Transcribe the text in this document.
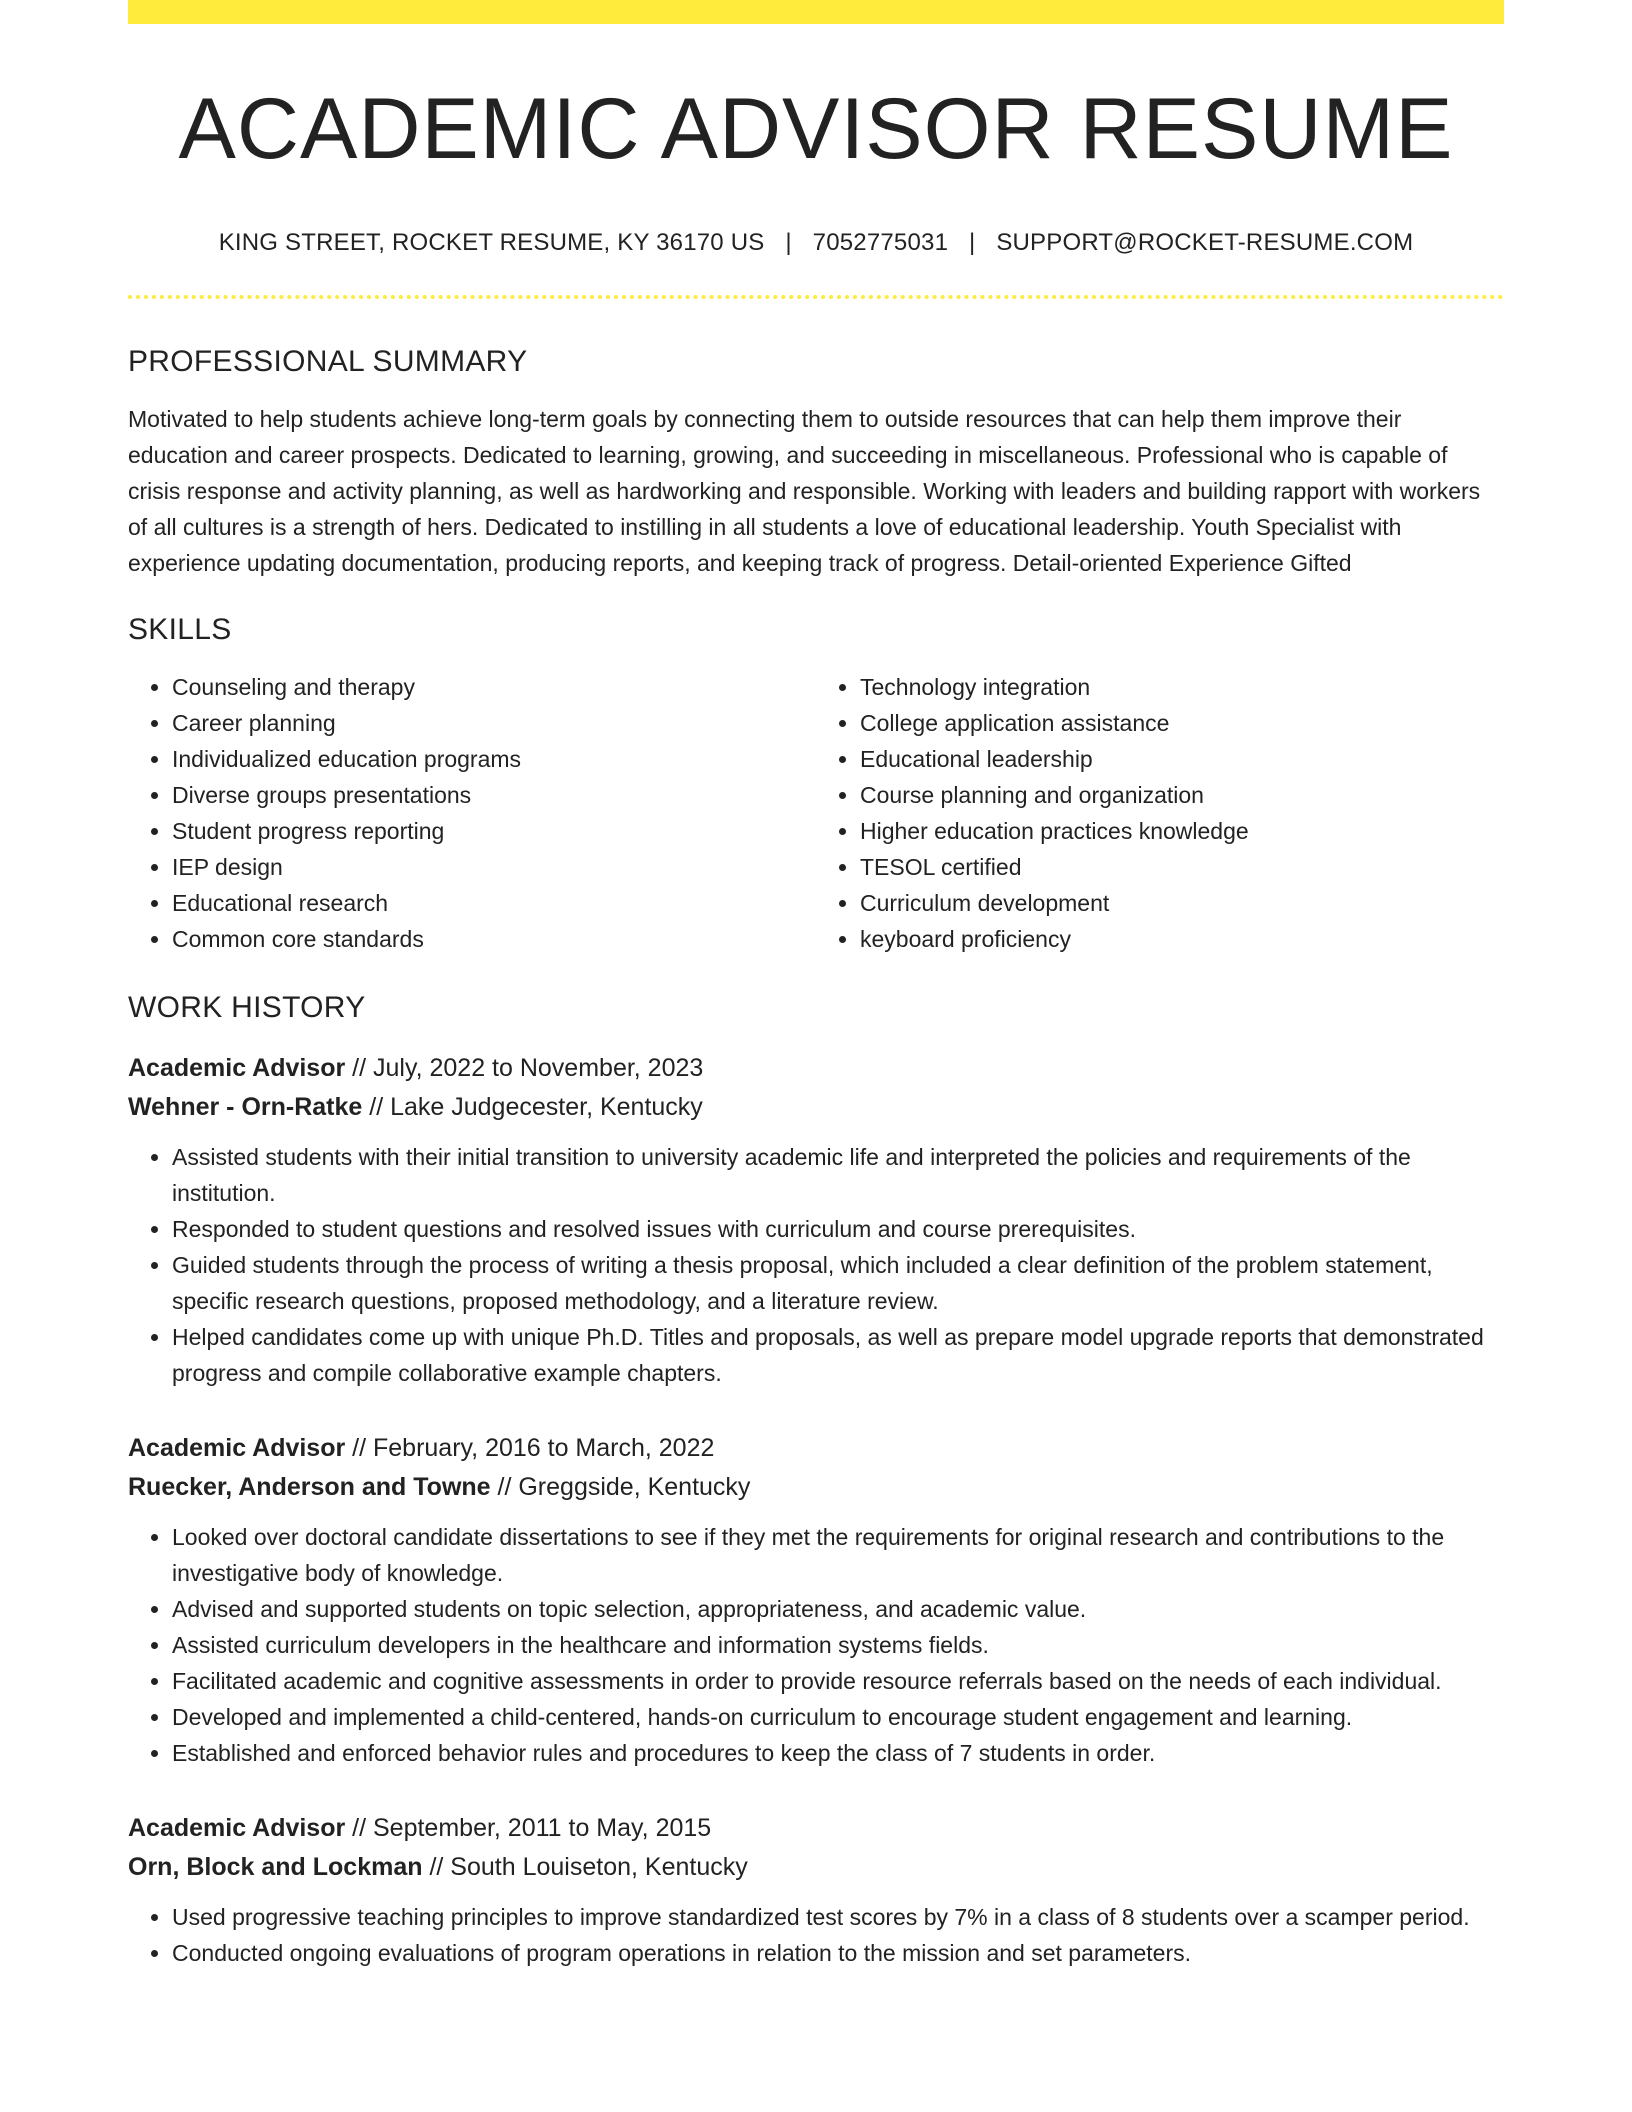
ACADEMIC ADVISOR RESUME
KING STREET, ROCKET RESUME, KY 36170 US | 7052775031 | SUPPORT@ROCKET-RESUME.COM
PROFESSIONAL SUMMARY

Motivated to help students achieve long-term goals by connecting them to outside resources that can help them improve their education and career prospects. Dedicated to learning, growing, and succeeding in miscellaneous. Professional who is capable of crisis response and activity planning, as well as hardworking and responsible. Working with leaders and building rapport with workers of all cultures is a strength of hers. Dedicated to instilling in all students a love of educational leadership. Youth Specialist with experience updating documentation, producing reports, and keeping track of progress. Detail-oriented Experience Gifted

SKILLS
• Counseling and therapy
• Career planning
• Individualized education programs
• Diverse groups presentations
• Student progress reporting
• IEP design
• Educational research
• Common core standards
• Technology integration
• College application assistance
• Educational leadership
• Course planning and organization
• Higher education practices knowledge
• TESOL certified
• Curriculum development
• keyboard proficiency
WORK HISTORY
Academic Advisor // July, 2022 to November, 2023
Wehner - Orn-Ratke // Lake Judgecester, Kentucky
• Assisted students with their initial transition to university academic life and interpreted the policies and requirements of the institution.
• Responded to student questions and resolved issues with curriculum and course prerequisites.
• Guided students through the process of writing a thesis proposal, which included a clear definition of the problem statement, specific research questions, proposed methodology, and a literature review.
• Helped candidates come up with unique Ph.D. Titles and proposals, as well as prepare model upgrade reports that demonstrated progress and compile collaborative example chapters.
Academic Advisor // February, 2016 to March, 2022
Ruecker, Anderson and Towne // Greggside, Kentucky
• Looked over doctoral candidate dissertations to see if they met the requirements for original research and contributions to the investigative body of knowledge.
• Advised and supported students on topic selection, appropriateness, and academic value.
• Assisted curriculum developers in the healthcare and information systems fields.
• Facilitated academic and cognitive assessments in order to provide resource referrals based on the needs of each individual.
• Developed and implemented a child-centered, hands-on curriculum to encourage student engagement and learning.
• Established and enforced behavior rules and procedures to keep the class of 7 students in order.
Academic Advisor // September, 2011 to May, 2015
Orn, Block and Lockman // South Louiseton, Kentucky
• Used progressive teaching principles to improve standardized test scores by 7% in a class of 8 students over a scamper period.
• Conducted ongoing evaluations of program operations in relation to the mission and set parameters.
